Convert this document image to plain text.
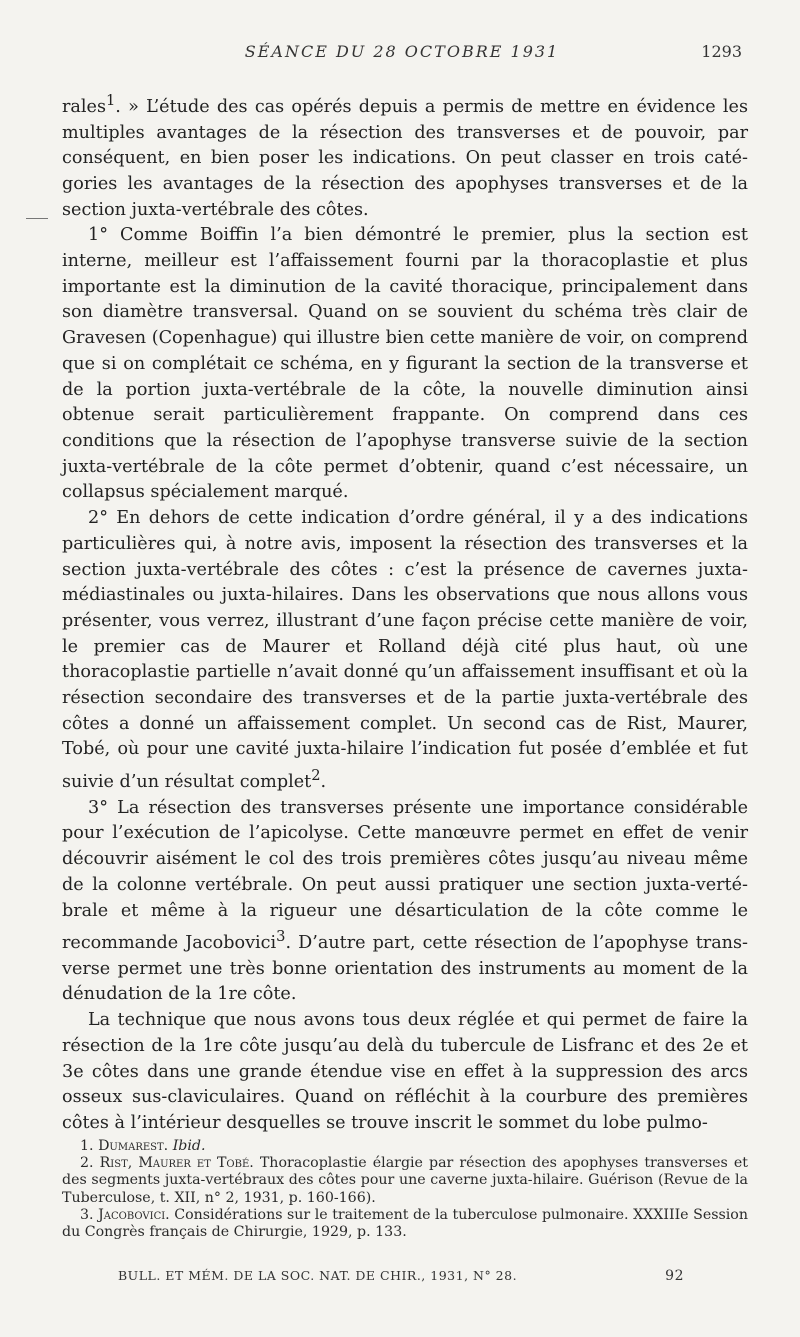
SÉANCE DU 28 OCTOBRE 1931	1293

rales$^1$. » L’étude des cas opérés depuis a permis de mettre en évidence les multiples avantages de la résection des transverses et de pouvoir, par conséquent, en bien poser les indications. On peut classer en trois catégories les avantages de la résection des apophyses transverses et de la section juxta-vertébrale des côtes.

1° Comme Boiffin l’a bien démontré le premier, plus la section est interne, meilleur est l’affaissement fourni par la thoracoplastie et plus importante est la diminution de la cavité thoracique, principalement dans son diamètre transversal. Quand on se souvient du schéma très clair de Gravesen (Copenhague) qui illustre bien cette manière de voir, on comprend que si on complétait ce schéma, en y figurant la section de la transverse et de la portion juxta-vertébrale de la côte, la nouvelle diminution ainsi obtenue serait particulièrement frappante. On comprend dans ces conditions que la résection de l’apophyse transverse suivie de la section juxta-vertébrale de la côte permet d’obtenir, quand c’est nécessaire, un collapsus spécialement marqué.

2° En dehors de cette indication d’ordre général, il y a des indications particulières qui, à notre avis, imposent la résection des transverses et la section juxta-vertébrale des côtes : c’est la présence de cavernes juxta-médiastinales ou juxta-hilaires. Dans les observations que nous allons vous présenter, vous verrez, illustrant d’une façon précise cette manière de voir, le premier cas de Maurer et Rolland déjà cité plus haut, où une thoracoplastie partielle n’avait donné qu’un affaissement insuffisant et où la résection secondaire des transverses et de la partie juxta-vertébrale des côtes a donné un affaissement complet. Un second cas de Rist, Maurer, Tobé, où pour une cavité juxta-hilaire l’indication fut posée d’emblée et fut suivie d’un résultat complet$^2$.

3° La résection des transverses présente une importance considérable pour l’exécution de l’apicolyse. Cette manœuvre permet en effet de venir découvrir aisément le col des trois premières côtes jusqu’au niveau même de la colonne vertébrale. On peut aussi pratiquer une section juxta-vertébrale et même à la rigueur une désarticulation de la côte comme le recommande Jacobovici$^3$. D’autre part, cette résection de l’apophyse transverse permet une très bonne orientation des instruments au moment de la dénudation de la 1re côte.

La technique que nous avons tous deux réglée et qui permet de faire la résection de la 1re côte jusqu’au delà du tubercule de Lisfranc et des 2e et 3e côtes dans une grande étendue vise en effet à la suppression des arcs osseux sus-claviculaires. Quand on réfléchit à la courbure des premières côtes à l’intérieur desquelles se trouve inscrit le sommet du lobe pulmo-

1. Dumarest. Ibid.

2. Rist, Maurer et Tobé. Thoracoplastie élargie par résection des apophyses transverses et des segments juxta-vertébraux des côtes pour une caverne juxta-hilaire. Guérison (Revue de la Tuberculose, t. XII, n° 2, 1931, p. 160-166).

3. Jacobovici. Considérations sur le traitement de la tuberculose pulmonaire. XXXIIIe Session du Congrès français de Chirurgie, 1929, p. 133.

BULL. ET MÉM. DE LA SOC. NAT. DE CHIR., 1931, N° 28.	92
